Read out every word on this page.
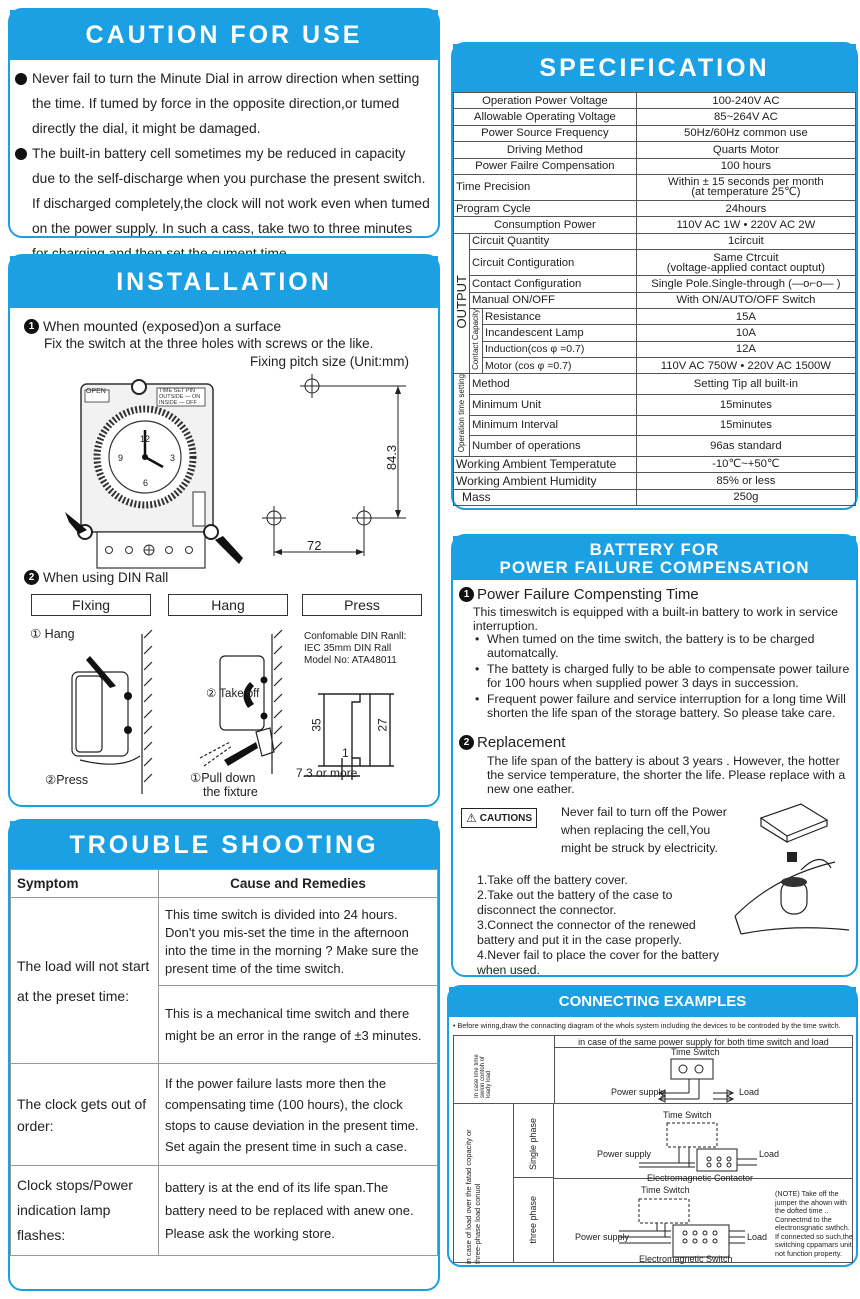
CAUTION FOR USE
Never fail to turn the Minute Dial in arrow direction when setting the time. If tumed by force in the opposite direction,or tumed directly the dial, it might be damaged.
The built-in battery cell sometimes my be reduced in capacity due to the self-discharge when you purchase the present switch. If discharged completely,the clock will not work even when tumed on the power supply. In such a cass, take two to three minutes
INSTALLATION
1 When mounted (exposed)on a surface
Fix the switch at the three holes with screws or the like.
Fixing pitch size (Unit:mm)
OPEN	TIME SET PIN
OUTSIDE — ON
INSIDE — OFF
12
3
6
9	84.3
72
2 When using DIN Rall
FIxing	Hang	Press
① Hang
②Press
② Take off
①Pull down
the fixture
Confomable DIN Ranll:
IEC 35mm DIN Rall
Model No: ATA48011
35	27
1
7.3 or more
TROUBLE SHOOTING
Symptom	Cause and Remedies
The load will not start at the preset time:	This time switch is divided into 24 hours. Don't you mis-set the time in the afternoon into the time in the morning ? Make sure the present time of the time switch.
	This is a mechanical time switch and there might be an error in the range of ±3 minutes.
The clock gets out of order:	If the power failure lasts more then the compensating time (100 hours), the clock stops to cause deviation in the present time. Set again the present time in such a case.
Clock stops/Power indication lamp flashes:	battery is at the end of its life span.The battery need to be replaced with anew one. Please ask the working store.
SPECIFICATION
Operation Power Voltage			100-240V AC
Allowable Operating Voltage			85~264V AC
Power Source Frequency			50Hz/60Hz common use
Driving Method			Quarts Motor
Power Failre Compensation			100 hours
Time Precision			Within ± 15 seconds per month
(at temperature 25℃)

Program Cycle			24hours
Consumption Power			110V AC 1W • 220V AC 2W
OUTPUT	Circuit Quantity		1circuit
	Circuit Contiguration		Same Ctrcuit
(voltage-applied contact ouptut)

	Contact Configuration		Single Pole.Single-through (—o⌐o— )
	Manual ON/OFF		With ON/AUTO/OFF Switch
	Contact Capacity	Resistance	15A
		Incandescent Lamp	10A
		Induction(cos φ =0.7)	12A
		Motor (cos φ =0.7)	110V AC 750W • 220V AC 1500W
Operation time setting	Method		Setting Tip all built-in
	Minimum Unit		15minutes
	Minimum Interval		15minutes
	Number of operations		96as standard
Working Ambient Temperatute			-10℃~+50℃
Working Ambient Humidity			85% or less
Mass			250g
BATTERY FOR
POWER FAILURE COMPENSATION
1 Power Failure Compensting Time
This timeswitch is equipped with a built-in battery to work in service interruption.
• When tumed on the time switch, the battery is to be charged automatcally.
• The battety is charged fully to be able to compensate power tailure for 100 hours when supplied power 3 days in succession.
• Frequent power failure and service interruption for a long time Will shorten the life span of the storage battery. So please take care.
2 Replacement
The life span of the battery is about 3 years . However, the hotter the service temperature, the shorter the life. Please replace with a new one eather.
⚠ CAUTIONS Never fail to turn off the Power when replacing the cell,You might be struck by electricity.
1.Take off the battery cover.
2.Take out the battery of the case to disconnect the connector.
3.Connect the connector of the renewed battery and put it in the case properly.
4.Never fail to place the cover for the battery when used.
CONNECTING EXAMPLES
• Before wiring,draw the connacting diagram of the whols system including the devices to be controded by the time switch.
in case of the same power supply for both time switch and load
In case lme time swion contoh of loady load
in case of load over the fatad copacity or three-phase load conuol
Single phase
three phase
Time Switch
Power supply	Load
Time Switch
Power supply	Load
Electromagnetic Contactor
Time Switch
Power supply	Load
Electromagnetic Switch
(NOTE) Take off the jumper the ahown with the dofted time .. Connectmd to the electronsgnatic swthch. If connected so such,the switching cppamars unit not function property.
